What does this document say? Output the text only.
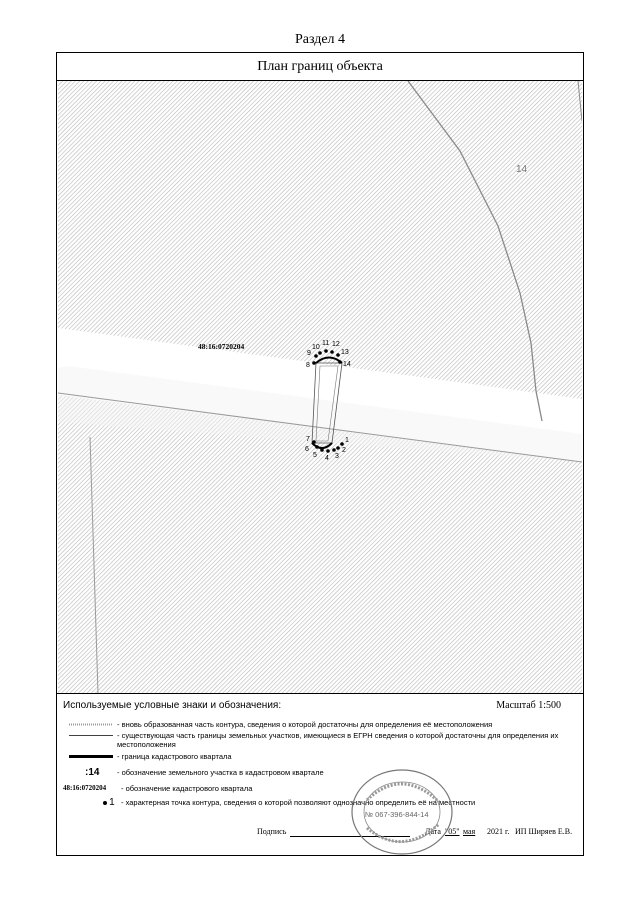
Раздел 4
План границ объекта
1
2
3
4
5
6
7
8
9
10
11 12
13
14
14
48:16:0720204
Используемые условные знаки и обозначения:	Масштаб 1:500
- вновь образованная часть контура, сведения о которой достаточны для определения её местоположения
- существующая часть границы земельных участков, имеющиеся в ЕГРН сведения о которой достаточны для определения их местоположения
- граница кадастрового квартала
:14	- обозначение земельного участка в кадастровом квартале
48:16:0720204	- обозначение кадастрового квартала
1 - характерная точка контура, сведения о которой позволяют однозначно определить её на местности
Подпись	Дата "05" мая 2021 г. ИП Ширяев Е.В.
№ 067-396-844-14
